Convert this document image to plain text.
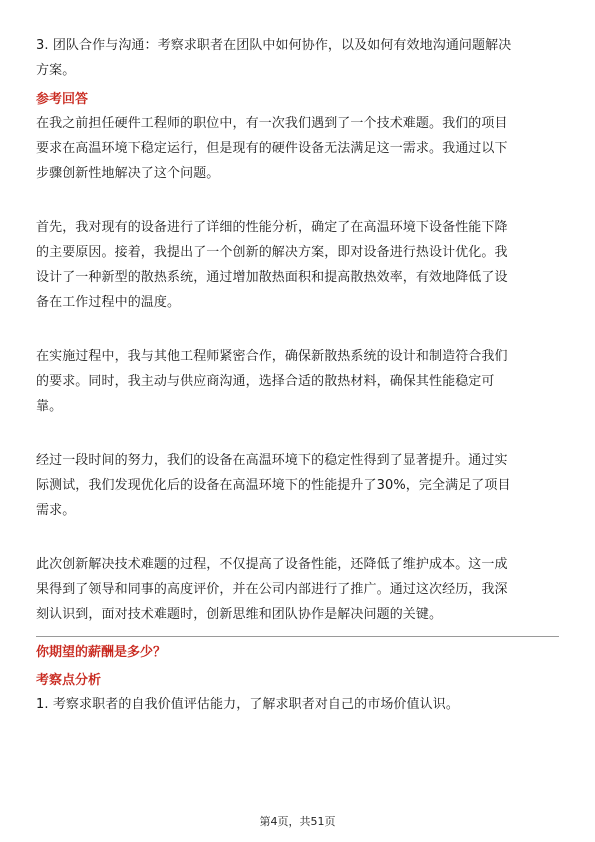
3. 团队合作与沟通：考察求职者在团队中如何协作，以及如何有效地沟通问题解决
方案。
参考回答
在我之前担任硬件工程师的职位中，有一次我们遇到了一个技术难题。我们的项目
要求在高温环境下稳定运行，但是现有的硬件设备无法满足这一需求。我通过以下
步骤创新性地解决了这个问题。
首先，我对现有的设备进行了详细的性能分析，确定了在高温环境下设备性能下降
的主要原因。接着，我提出了一个创新的解决方案，即对设备进行热设计优化。我
设计了一种新型的散热系统，通过增加散热面积和提高散热效率，有效地降低了设
备在工作过程中的温度。
在实施过程中，我与其他工程师紧密合作，确保新散热系统的设计和制造符合我们
的要求。同时，我主动与供应商沟通，选择合适的散热材料，确保其性能稳定可
靠。
经过一段时间的努力，我们的设备在高温环境下的稳定性得到了显著提升。通过实
际测试，我们发现优化后的设备在高温环境下的性能提升了30%，完全满足了项目
需求。
此次创新解决技术难题的过程，不仅提高了设备性能，还降低了维护成本。这一成
果得到了领导和同事的高度评价，并在公司内部进行了推广。通过这次经历，我深
刻认识到，面对技术难题时，创新思维和团队协作是解决问题的关键。
你期望的薪酬是多少？
考察点分析
1. 考察求职者的自我价值评估能力，了解求职者对自己的市场价值认识。
第4页，共51页
